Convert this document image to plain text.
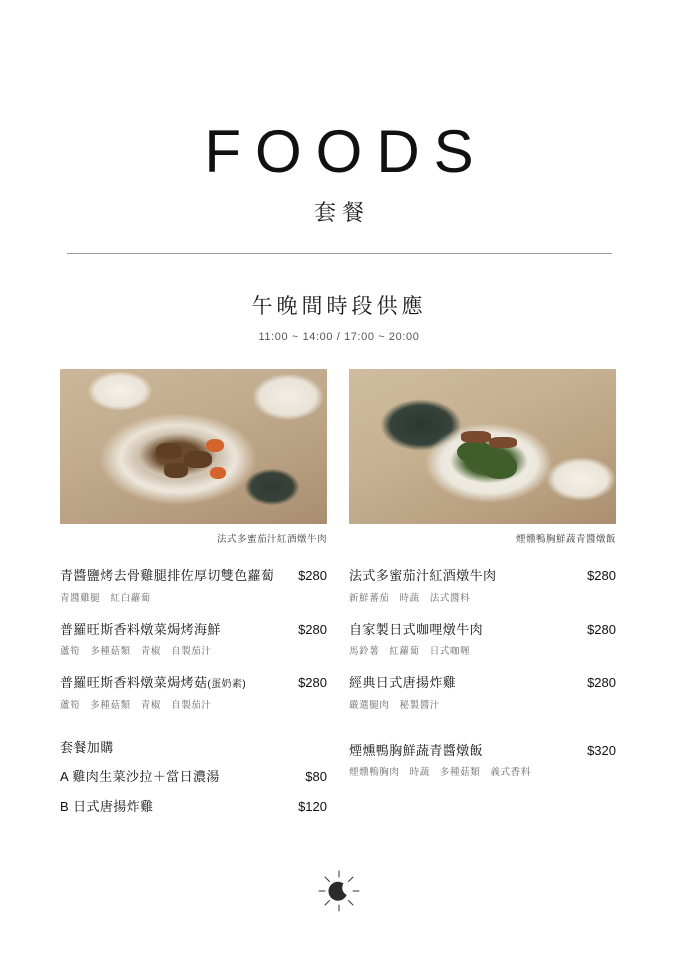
FOODS
套餐
午晚間時段供應
11:00 ~ 14:00 / 17:00 ~ 20:00
法式多蜜茄汁紅酒燉牛肉	煙燻鴨胸鮮蔬青醬燉飯
青醬鹽烤去骨雞腿排佐厚切雙色蘿蔔	$280
青醬雞腿　紅白蘿蔔
普羅旺斯香料燉菜焗烤海鮮	$280
蘆筍　多種菇類　青椒　自製茄汁
普羅旺斯香料燉菜焗烤菇(蛋奶素)	$280
蘆筍　多種菇類　青椒　自製茄汁
套餐加購
A 雞肉生菜沙拉＋當日濃湯	$80
B 日式唐揚炸雞	$120
法式多蜜茄汁紅酒燉牛肉	$280
新鮮蕃茄　時蔬　法式醬料
自家製日式咖哩燉牛肉	$280
馬鈴薯　紅蘿蔔　日式咖喱
經典日式唐揚炸雞	$280
嚴選腿肉　秘製醬汁
煙燻鴨胸鮮蔬青醬燉飯	$320
煙燻鴨胸肉　時蔬　多種菇類　義式香料
